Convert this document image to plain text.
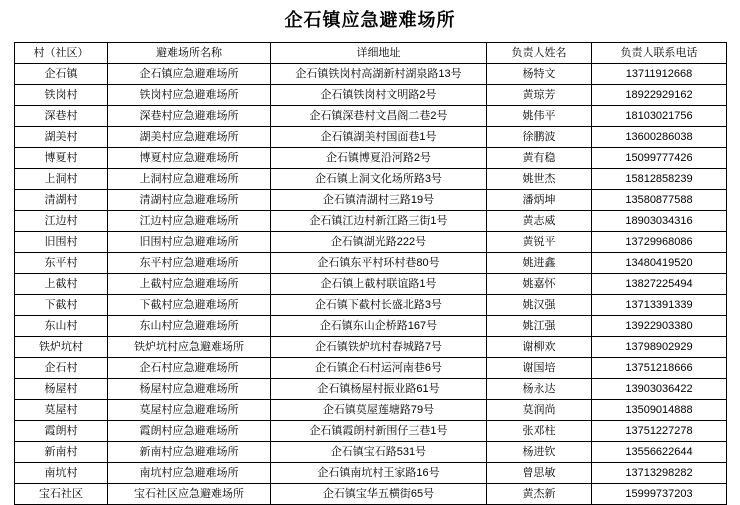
企石镇应急避难场所
村（社区）	避难场所名称	详细地址	负责人姓名	负责人联系电话
企石镇	企石镇应急避难场所	企石镇铁岗村高湖新村湖泉路13号	杨特文	13711912668
铁岗村	铁岗村应急避难场所	企石镇铁岗村文明路2号	黄琼芳	18922929162
深巷村	深巷村应急避难场所	企石镇深巷村文昌阁二巷2号	姚伟平	18103021756
湖美村	湖美村应急避难场所	企石镇湖美村国面巷1号	徐鹏波	13600286038
博夏村	博夏村应急避难场所	企石镇博夏沿河路2号	黄有稳	15099777426
上洞村	上洞村应急避难场所	企石镇上洞文化场所路3号	姚世杰	15812858239
清湖村	清湖村应急避难场所	企石镇清湖村三路19号	潘炳坤	13580877588
江边村	江边村应急避难场所	企石镇江边村新江路三街1号	黄志威	18903034316
旧围村	旧围村应急避难场所	企石镇湖光路222号	黄锐平	13729968086
东平村	东平村应急避难场所	企石镇东平村环村巷80号	姚进鑫	13480419520
上截村	上截村应急避难场所	企石镇上截村联谊路1号	姚嘉怀	13827225494
下截村	下截村应急避难场所	企石镇下截村长盛北路3号	姚汉强	13713391339
东山村	东山村应急避难场所	企石镇东山企桥路167号	姚江强	13922903380
铁炉坑村	铁炉坑村应急避难场所	企石镇铁炉坑村春城路7号	谢柳欢	13798902929
企石村	企石村应急避难场所	企石镇企石村运河南巷6号	谢国培	13751218666
杨屋村	杨屋村应急避难场所	企石镇杨屋村振业路61号	杨永达	13903036422
莫屋村	莫屋村应急避难场所	企石镇莫屋莲塘路79号	莫润尚	13509014888
霞朗村	霞朗村应急避难场所	企石镇霞朗村新围仔三巷1号	张邓柱	13751227278
新南村	新南村应急避难场所	企石镇宝石路531号	杨进钦	13556622644
南坑村	南坑村应急避难场所	企石镇南坑村王家路16号	曾思敏	13713298282
宝石社区	宝石社区应急避难场所	企石镇宝华五横街65号	黄杰新	15999737203
